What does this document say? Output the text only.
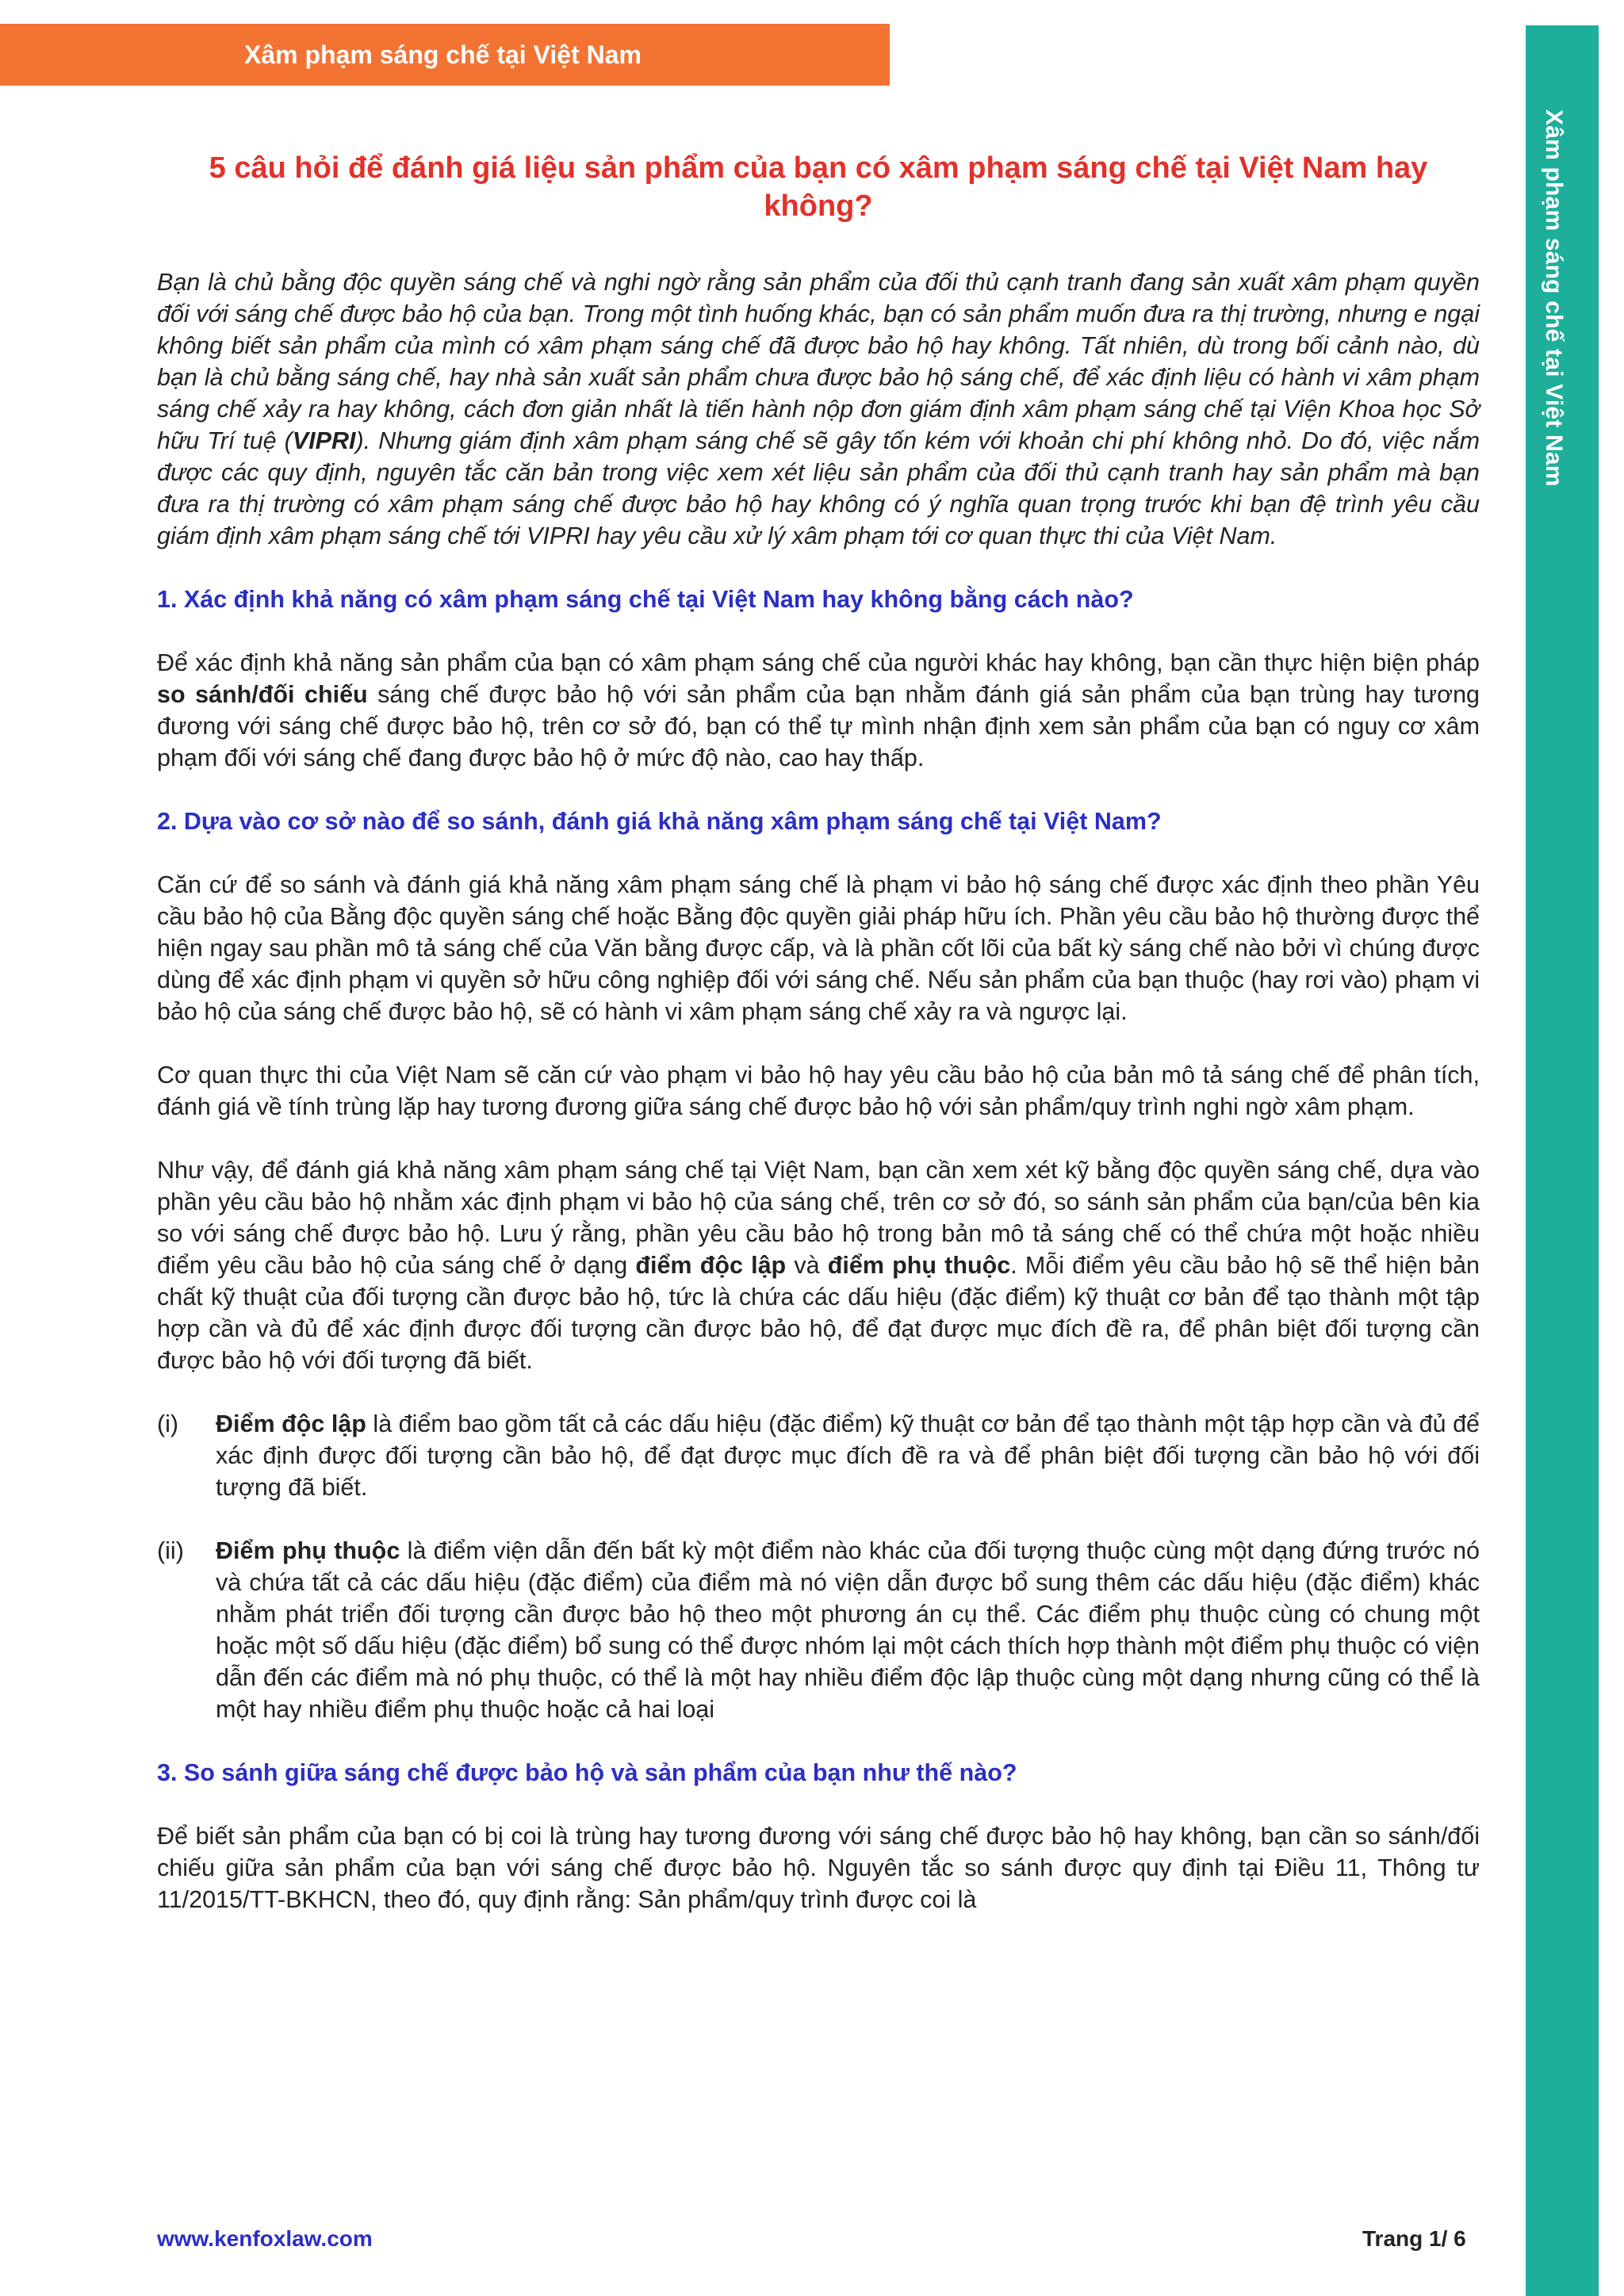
Xâm phạm sáng chế tại Việt Nam
Xâm phạm sáng chế tại Việt Nam
5 câu hỏi để đánh giá liệu sản phẩm của bạn có xâm phạm sáng chế tại Việt Nam hay không?

Bạn là chủ bằng độc quyền sáng chế và nghi ngờ rằng sản phẩm của đối thủ cạnh tranh đang sản xuất xâm phạm quyền đối với sáng chế được bảo hộ của bạn. Trong một tình huống khác, bạn có sản phẩm muốn đưa ra thị trường, nhưng e ngại không biết sản phẩm của mình có xâm phạm sáng chế đã được bảo hộ hay không. Tất nhiên, dù trong bối cảnh nào, dù bạn là chủ bằng sáng chế, hay nhà sản xuất sản phẩm chưa được bảo hộ sáng chế, để xác định liệu có hành vi xâm phạm sáng chế xảy ra hay không, cách đơn giản nhất là tiến hành nộp đơn giám định xâm phạm sáng chế tại Viện Khoa học Sở hữu Trí tuệ (VIPRI). Nhưng giám định xâm phạm sáng chế sẽ gây tốn kém với khoản chi phí không nhỏ. Do đó, việc nắm được các quy định, nguyên tắc căn bản trong việc xem xét liệu sản phẩm của đối thủ cạnh tranh hay sản phẩm mà bạn đưa ra thị trường có xâm phạm sáng chế được bảo hộ hay không có ý nghĩa quan trọng trước khi bạn đệ trình yêu cầu giám định xâm phạm sáng chế tới VIPRI hay yêu cầu xử lý xâm phạm tới cơ quan thực thi của Việt Nam.

1. Xác định khả năng có xâm phạm sáng chế tại Việt Nam hay không bằng cách nào?

Để xác định khả năng sản phẩm của bạn có xâm phạm sáng chế của người khác hay không, bạn cần thực hiện biện pháp so sánh/đối chiếu sáng chế được bảo hộ với sản phẩm của bạn nhằm đánh giá sản phẩm của bạn trùng hay tương đương với sáng chế được bảo hộ, trên cơ sở đó, bạn có thể tự mình nhận định xem sản phẩm của bạn có nguy cơ xâm phạm đối với sáng chế đang được bảo hộ ở mức độ nào, cao hay thấp.

2. Dựa vào cơ sở nào để so sánh, đánh giá khả năng xâm phạm sáng chế tại Việt Nam?

Căn cứ để so sánh và đánh giá khả năng xâm phạm sáng chế là phạm vi bảo hộ sáng chế được xác định theo phần Yêu cầu bảo hộ của Bằng độc quyền sáng chế hoặc Bằng độc quyền giải pháp hữu ích. Phần yêu cầu bảo hộ thường được thể hiện ngay sau phần mô tả sáng chế của Văn bằng được cấp, và là phần cốt lõi của bất kỳ sáng chế nào bởi vì chúng được dùng để xác định phạm vi quyền sở hữu công nghiệp đối với sáng chế. Nếu sản phẩm của bạn thuộc (hay rơi vào) phạm vi bảo hộ của sáng chế được bảo hộ, sẽ có hành vi xâm phạm sáng chế xảy ra và ngược lại.

Cơ quan thực thi của Việt Nam sẽ căn cứ vào phạm vi bảo hộ hay yêu cầu bảo hộ của bản mô tả sáng chế để phân tích, đánh giá về tính trùng lặp hay tương đương giữa sáng chế được bảo hộ với sản phẩm/quy trình nghi ngờ xâm phạm.

Như vậy, để đánh giá khả năng xâm phạm sáng chế tại Việt Nam, bạn cần xem xét kỹ bằng độc quyền sáng chế, dựa vào phần yêu cầu bảo hộ nhằm xác định phạm vi bảo hộ của sáng chế, trên cơ sở đó, so sánh sản phẩm của bạn/của bên kia so với sáng chế được bảo hộ. Lưu ý rằng, phần yêu cầu bảo hộ trong bản mô tả sáng chế có thể chứa một hoặc nhiều điểm yêu cầu bảo hộ của sáng chế ở dạng điểm độc lập và điểm phụ thuộc. Mỗi điểm yêu cầu bảo hộ sẽ thể hiện bản chất kỹ thuật của đối tượng cần được bảo hộ, tức là chứa các dấu hiệu (đặc điểm) kỹ thuật cơ bản để tạo thành một tập hợp cần và đủ để xác định được đối tượng cần được bảo hộ, để đạt được mục đích đề ra, để phân biệt đối tượng cần được bảo hộ với đối tượng đã biết.

(i)	Điểm độc lập là điểm bao gồm tất cả các dấu hiệu (đặc điểm) kỹ thuật cơ bản để tạo thành một tập hợp cần và đủ để xác định được đối tượng cần bảo hộ, để đạt được mục đích đề ra và để phân biệt đối tượng cần bảo hộ với đối tượng đã biết.
(ii)	Điểm phụ thuộc là điểm viện dẫn đến bất kỳ một điểm nào khác của đối tượng thuộc cùng một dạng đứng trước nó và chứa tất cả các dấu hiệu (đặc điểm) của điểm mà nó viện dẫn được bổ sung thêm các dấu hiệu (đặc điểm) khác nhằm phát triển đối tượng cần được bảo hộ theo một phương án cụ thể. Các điểm phụ thuộc cùng có chung một hoặc một số dấu hiệu (đặc điểm) bổ sung có thể được nhóm lại một cách thích hợp thành một điểm phụ thuộc có viện dẫn đến các điểm mà nó phụ thuộc, có thể là một hay nhiều điểm độc lập thuộc cùng một dạng nhưng cũng có thể là một hay nhiều điểm phụ thuộc hoặc cả hai loại
3. So sánh giữa sáng chế được bảo hộ và sản phẩm của bạn như thế nào?

Để biết sản phẩm của bạn có bị coi là trùng hay tương đương với sáng chế được bảo hộ hay không, bạn cần so sánh/đối chiếu giữa sản phẩm của bạn với sáng chế được bảo hộ. Nguyên tắc so sánh được quy định tại Điều 11, Thông tư 11/2015/TT-BKHCN, theo đó, quy định rằng: Sản phẩm/quy trình được coi là

www.kenfoxlaw.com	Trang 1/ 6
